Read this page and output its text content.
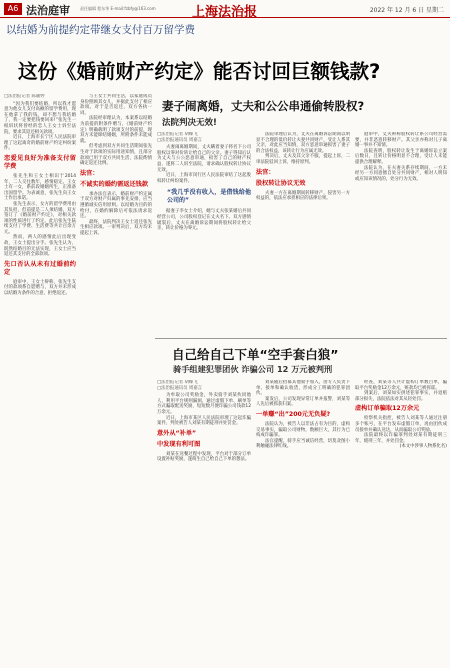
A6 法治庭审	责任编辑 程东华 E-mail:fzbfy@163.com	上海法治报	2022 年 12 月 6 日 星期二
以结婚为前提约定带继女支付百万留学费
这份《婚前财产约定》能否讨回巨额钱款?
□法治报记者 陈颖婷

“因为我们要结婚，所以我才愿意为他女儿支付高额的留学费用，现在他拿了我的钱，却不想与我结婚了，我一定要把钱要回来!”张先生一纸诉状将曾经的恋人王女士诉至法院，要求其返还相关款项。

近日，上海市长宁区人民法院审理了这起离奇的婚前财产约定纠纷案件。

恋爱见良好为准备支付留学费

张先生和王女士相识于2014年，二人交往数年，感情稳定。王女士有一女，系前段婚姻所生，正准备出国留学。为表诚意，张先生向王女士作出承诺。

张先生表示，女方的留学费用由其负担，但前提是二人须结婚。双方签订了《婚前财产约定》，对相关款项的性质进行了约定。此后张先生陆续支付了学费、生活费等共计百余万元。

然而，两人的感情此后出现变故，王女士提出分手。张先生认为，既然结婚目的无法实现，王女士应当返还其支付的全部款项。

先口否认从未有过婚前约定

庭审中，王女士辩称，张先生支付的款项系自愿赠与，双方并未形成以结婚为条件的合意，拒绝返还。

与王女士共同生活，以家庭成员身份照顾其女儿，并据此支付了相应款项。对于是否返还，双方各执一词。

法院经审理认为，本案系以结婚为前提的附条件赠与，《婚前财产约定》明确载明了款项支付的前提，现双方未能缔结婚姻，所附条件未能成就。

但考虑到双方共同生活期间张先生对于款项的实际用途知情，且部分款项已用于双方共同生活，法院酌情确定返还比例。

法官：
不诚实的婚约需返还钱款

承办法官表示，婚前财产约定属于双方对财产归属的事先安排，应当遵循诚实信用原则。以结婚为目的的给付，在婚约解除后可依法请求返还。

最终，法院判决王女士返还张先生相应款项。一审判决后，双方均未提起上诉。

妻子闹离婚，丈夫和公公串通偷转股权?
法院判决无效!
□法治报记者 胡蝶飞
□法治报通讯员 周嘉言

夫妻闹离婚期间，丈夫瞒着妻子将名下公司股权以零对价转让给自己的父亲。妻子得知后认为丈夫与公公恶意串通，损害了自己的财产权益，遂将二人诉至法院，请求确认股权转让协议无效。

近日，上海市闵行区人民法院审结了这起股权转让纠纷案件。

“我几乎没有收入，是借钱给他公司的”

据妻子李女士介绍，她与丈夫张某婚后共同经营公司，公司股权登记在丈夫名下。双方感情破裂后，丈夫在离婚诉讼期间将股权转让给父亲，转让价格为零元。

法院审理后认为，丈夫在离婚诉讼期间以明显不合理的低价转让夫妻共同财产，受让人系其父亲，对此应当知情，双方恶意串通损害了妻子的合法权益，该转让行为应属无效。

判决后，丈夫及其父亲不服，提起上诉，二审法院驳回上诉，维持原判。

法官：
股权转让协议无效

夫妻一方在离婚期间转移财产，侵害另一方权益的，依法应承担相应的法律后果。

庭审中，丈夫辩称股权转让系公司经营需要，并非恶意转移财产。其父亲亦称对儿子离婚一事并不知情。

法院查明，股权转让发生于离婚诉讼立案后数日，且转让价格明显不合理，受让人未能提供合理解释。

法院认为，在夫妻关系存续期间，一方未经另一方同意擅自处分共同财产，相对人明知或应知该情况的，处分行为无效。

自己给自己下单“空手套白狼”
骑手组建犯罪团伙 诈骗公司 12 万元被判刑
□法治报记者 胡蝶飞
□法治报通讯员 周嘉言

为牟取公司奖励金，外卖骑手刘某伙同他人，利用平台规则漏洞，通过虚假下单、刷单等方式骗取配送奖励，短短数月便诈骗公司钱款12万余元。

近日，上海市某区人民法院审理了这起诈骗案件，判处被告人刘某有期徒刑并处罚金。

意外从“补单”
中发现有利可图

刘某在送餐过程中发现，平台对于部分订单设置补贴奖励，遂萌生自己给自己下单的想法。

刘某随后招募其他骑手加入，由专人负责下单、接单和确认收货，形成分工明确的犯罪团伙。

案发后，公司发现异常订单并报警，刘某等人先后被抓获归案。

一单赚“出”200元无负疑?

法院认为，被告人以非法占有为目的，虚构交易事实，骗取公司财物，数额巨大，其行为已构成诈骗罪。

法官提醒，骑手应当诚信经营，切莫贪图小利触碰法律红线。

经查，刘某等人共计虚构订单数百单，骗取平台奖励金12万余元，赃款均已被挥霍。

到案后，刘某如实供述犯罪事实，并退赔部分损失，法院依法对其从轻处罚。

虚构订单骗取12万余元

检察机关指控，被告人刘某等人通过注册多个账号，在平台发布虚假订单，再由团伙成员接单并确认送达，从而骗取公司奖励。

法院最终以诈骗罪判处刘某有期徒刑三年，缓刑三年，并处罚金。

(本文中涉事人物系化名)
